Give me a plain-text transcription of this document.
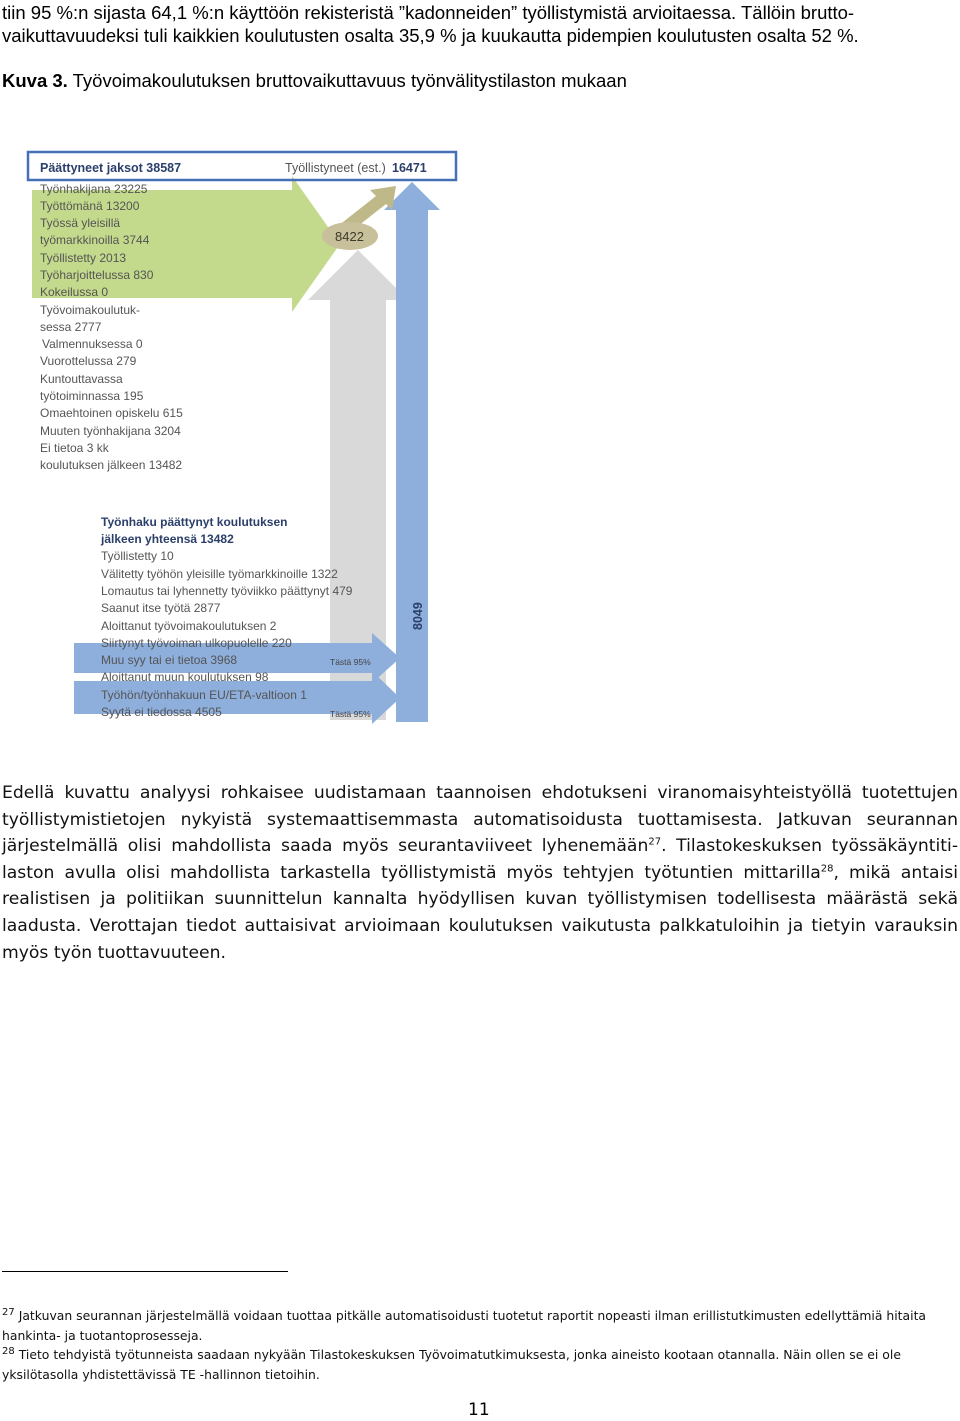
tiin 95 %:n sijasta 64,1 %:n käyttöön rekisteristä ”kadonneiden” työllistymistä arvioitaessa. Tällöin brutto-
vaikuttavuudeksi tuli kaikkien koulutusten osalta 35,9 % ja kuukautta pidempien koulutusten osalta 52 %.
Kuva 3. Työvoimakoulutuksen bruttovaikuttavuus työnvälitystilaston mukaan
Päättyneet jaksot 38587	Työllistyneet (est.) 16471
8422
8049
Työnhakijana 23225
Työttömänä 13200
Työssä yleisillä
työmarkkinoilla 3744
Työllistetty 2013
Työharjoittelussa 830
Kokeilussa 0
Työvoimakoulutuk-
sessa 2777
Valmennuksessa 0
Vuorottelussa 279
Kuntouttavassa
työtoiminnassa 195
Omaehtoinen opiskelu 615
Muuten työnhakijana 3204
Ei tietoa 3 kk
koulutuksen jälkeen 13482
Työnhaku päättynyt koulutuksen
jälkeen yhteensä 13482
Työllistetty 10
Välitetty työhön yleisille työmarkkinoille 1322
Lomautus tai lyhennetty työviikko päättynyt 479
Saanut itse työtä 2877
Aloittanut työvoimakoulutuksen 2
Siirtynyt työvoiman ulkopuolelle 220
Muu syy tai ei tietoa 3968
Aloittanut muun koulutuksen 98
Työhön/työnhakuun EU/ETA-valtioon 1
Syytä ei tiedossa 4505
Tästä 95%
Tästä 95%
Edellä kuvattu analyysi rohkaisee uudistamaan taannoisen ehdotukseni viranomaisyhteistyöllä tuotettujen työllistymistietojen nykyistä systemaattisemmasta automatisoidusta tuottamisesta. Jatkuvan seurannan järjestelmällä olisi mahdollista saada myös seurantaviiveet lyhenemään$^{27}$. Tilastokeskuksen työssäkäyntitilaston avulla olisi mahdollista tarkastella työllistymistä myös tehtyjen työtuntien mittarilla$^{28}$, mikä antaisi realistisen ja politiikan suunnittelun kannalta hyödyllisen kuvan työllistymisen todellisesta määrästä sekä laadusta. Verottajan tiedot auttaisivat arvioimaan koulutuksen vaikutusta palkkatuloihin ja tietyin varauksin myös työn tuottavuuteen.
$^{27}$ Jatkuvan seurannan järjestelmällä voidaan tuottaa pitkälle automatisoidusti tuotetut raportit nopeasti ilman erillistutkimusten edellyttämiä hitaita hankinta- ja tuotantoprosesseja.
$^{28}$ Tieto tehdyistä työtunneista saadaan nykyään Tilastokeskuksen Työvoimatutkimuksesta, jonka aineisto kootaan otannalla. Näin ollen se ei ole yksilötasolla yhdistettävissä TE -hallinnon tietoihin.
11
